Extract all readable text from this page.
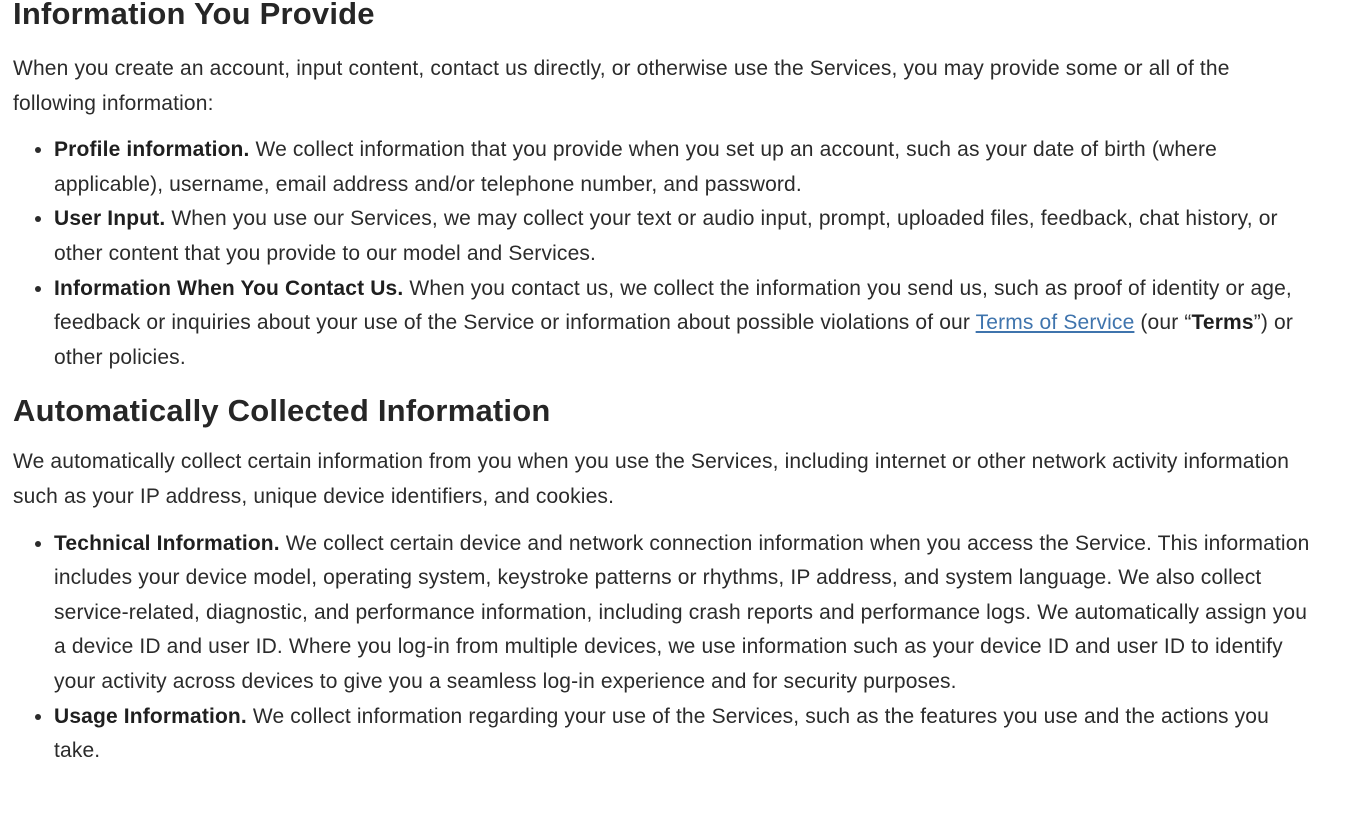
Information You Provide

When you create an account, input content, contact us directly, or otherwise use the Services, you may provide some or all of the following information:

• Profile information. We collect information that you provide when you set up an account, such as your date of birth (where applicable), username, email address and/or telephone number, and password.
• User Input. When you use our Services, we may collect your text or audio input, prompt, uploaded files, feedback, chat history, or other content that you provide to our model and Services.
• Information When You Contact Us. When you contact us, we collect the information you send us, such as proof of identity or age, feedback or inquiries about your use of the Service or information about possible violations of our Terms of Service (our “Terms”) or other policies.
Automatically Collected Information

We automatically collect certain information from you when you use the Services, including internet or other network activity information such as your IP address, unique device identifiers, and cookies.

• Technical Information. We collect certain device and network connection information when you access the Service. This information includes your device model, operating system, keystroke patterns or rhythms, IP address, and system language. We also collect service-related, diagnostic, and performance information, including crash reports and performance logs. We automatically assign you a device ID and user ID. Where you log-in from multiple devices, we use information such as your device ID and user ID to identify your activity across devices to give you a seamless log-in experience and for security purposes.
• Usage Information. We collect information regarding your use of the Services, such as the features you use and the actions you take.
